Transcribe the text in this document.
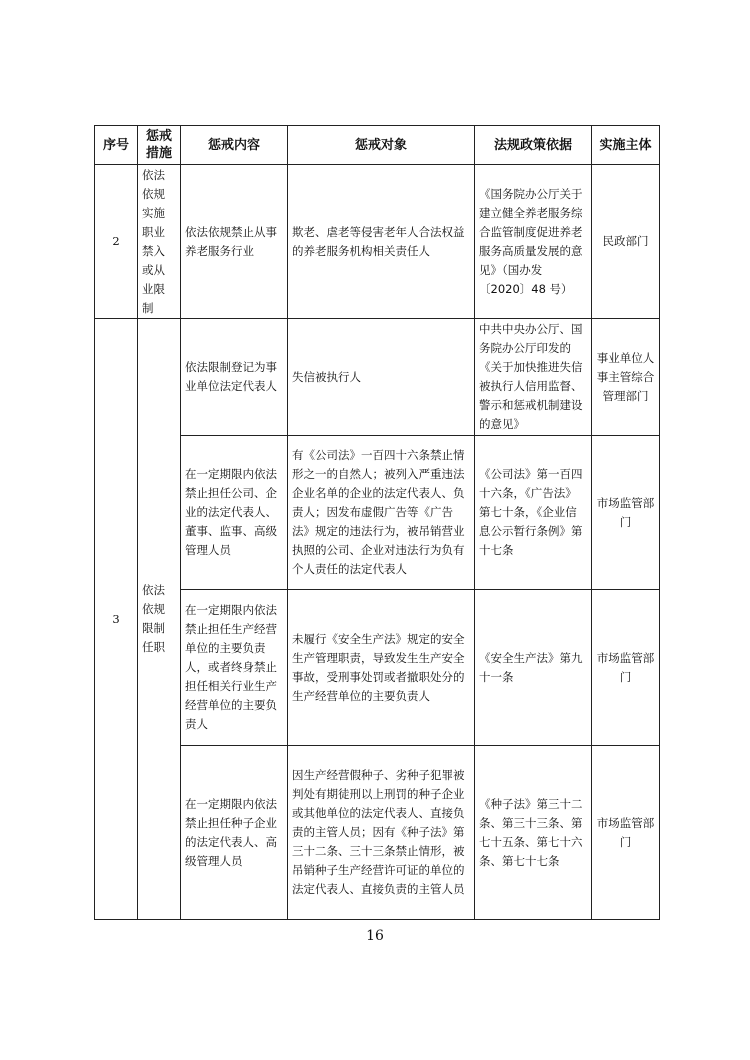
序号	惩戒措施	惩戒内容	惩戒对象	法规政策依据	实施主体
2	依法依规实施职业禁入或从业限制	依法依规禁止从事养老服务行业	欺老、虐老等侵害老年人合法权益的养老服务机构相关责任人	《国务院办公厅关于建立健全养老服务综合监管制度促进养老服务高质量发展的意见》（国办发〔2020〕48 号）	民政部门
3	依法依规限制任职	依法限制登记为事业单位法定代表人	失信被执行人	中共中央办公厅、国务院办公厅印发的《关于加快推进失信被执行人信用监督、警示和惩戒机制建设的意见》	事业单位人事主管综合管理部门
		在一定期限内依法禁止担任公司、企业的法定代表人、董事、监事、高级管理人员	有《公司法》一百四十六条禁止情形之一的自然人；被列入严重违法企业名单的企业的法定代表人、负责人；因发布虚假广告等《广告法》规定的违法行为，被吊销营业执照的公司、企业对违法行为负有个人责任的法定代表人	《公司法》第一百四十六条，《广告法》第七十条，《企业信息公示暂行条例》第十七条	市场监管部门
		在一定期限内依法禁止担任生产经营单位的主要负责人，或者终身禁止担任相关行业生产经营单位的主要负责人	未履行《安全生产法》规定的安全生产管理职责，导致发生生产安全事故，受刑事处罚或者撤职处分的生产经营单位的主要负责人	《安全生产法》第九十一条	市场监管部门
		在一定期限内依法禁止担任种子企业的法定代表人、高级管理人员	因生产经营假种子、劣种子犯罪被判处有期徒刑以上刑罚的种子企业或其他单位的法定代表人、直接负责的主管人员；因有《种子法》第三十二条、三十三条禁止情形，被吊销种子生产经营许可证的单位的法定代表人、直接负责的主管人员	《种子法》第三十二条、第三十三条、第七十五条、第七十六条、第七十七条	市场监管部门
16
